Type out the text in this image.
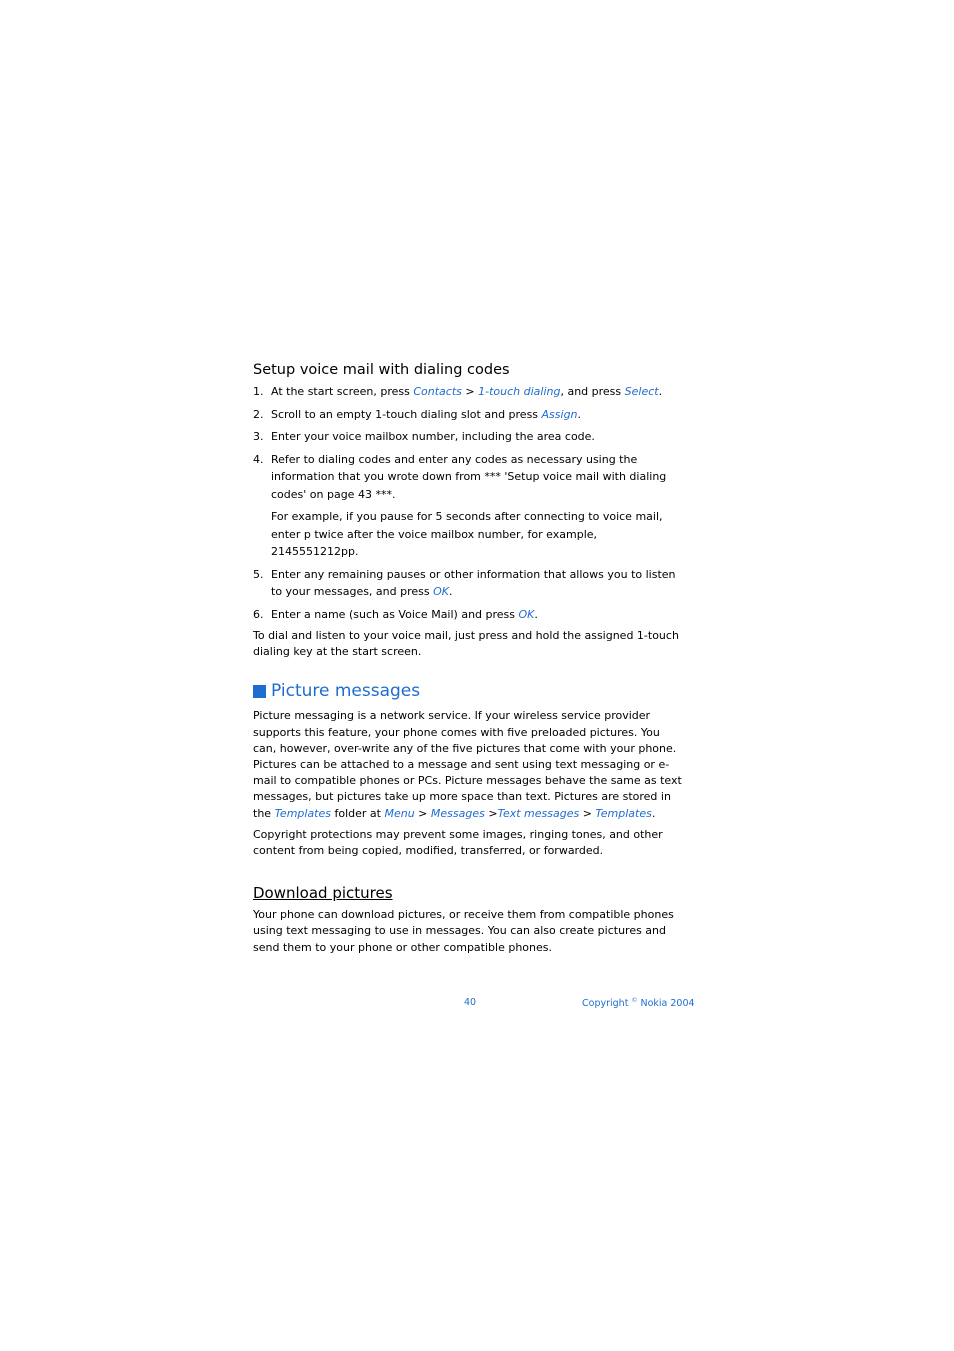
Setup voice mail with dialing codes
1. At the start screen, press Contacts > 1-touch dialing, and press Select.
2. Scroll to an empty 1-touch dialing slot and press Assign.
3. Enter your voice mailbox number, including the area code.
4. Refer to dialing codes and enter any codes as necessary using the information that you wrote down from *** 'Setup voice mail with dialing codes' on page 43 ***.
For example, if you pause for 5 seconds after connecting to voice mail, enter p twice after the voice mailbox number, for example, 2145551212pp.
5. Enter any remaining pauses or other information that allows you to listen to your messages, and press OK.
6. Enter a name (such as Voice Mail) and press OK.

To dial and listen to your voice mail, just press and hold the assigned 1-touch dialing key at the start screen.

Picture messages

Picture messaging is a network service. If your wireless service provider supports this feature, your phone comes with five preloaded pictures. You can, however, over-write any of the five pictures that come with your phone. Pictures can be attached to a message and sent using text messaging or e-mail to compatible phones or PCs. Picture messages behave the same as text messages, but pictures take up more space than text. Pictures are stored in the Templates folder at Menu > Messages >Text messages > Templates.

Copyright protections may prevent some images, ringing tones, and other content from being copied, modified, transferred, or forwarded.

Download pictures

Your phone can download pictures, or receive them from compatible phones using text messaging to use in messages. You can also create pictures and send them to your phone or other compatible phones.

40	Copyright © Nokia 2004
